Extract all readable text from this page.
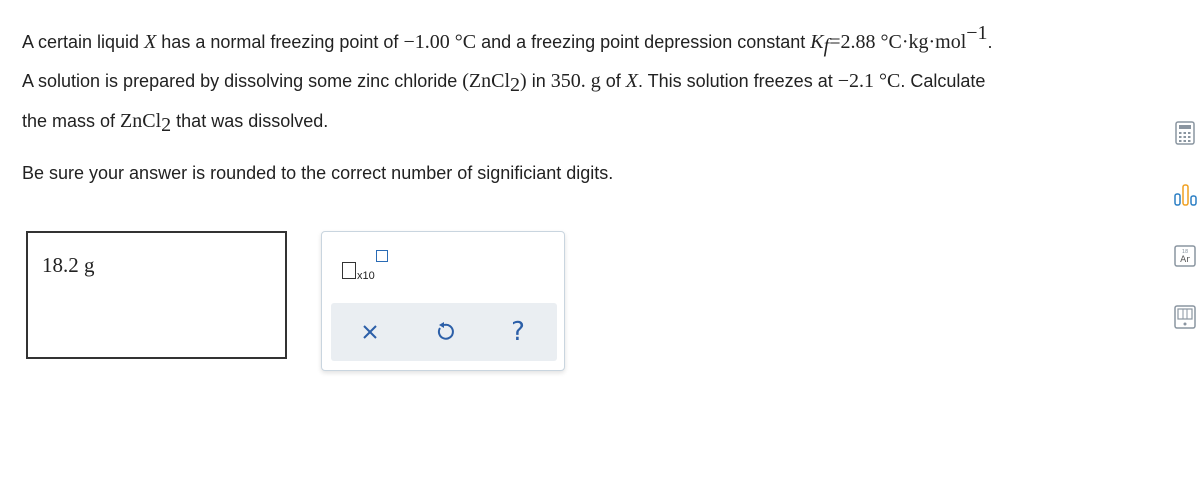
A certain liquid X has a normal freezing point of −1.00 °C and a freezing point depression constant $K_f=2.88$ °C·kg·mol$^{-1}$.
A solution is prepared by dissolving some zinc chloride (ZnCl$_2$) in 350. g of X. This solution freezes at −2.1 °C. Calculate
the mass of ZnCl$_2$ that was dissolved.
Be sure your answer is rounded to the correct number of significiant digits.
18.2 g	x10
?
18
Ar
